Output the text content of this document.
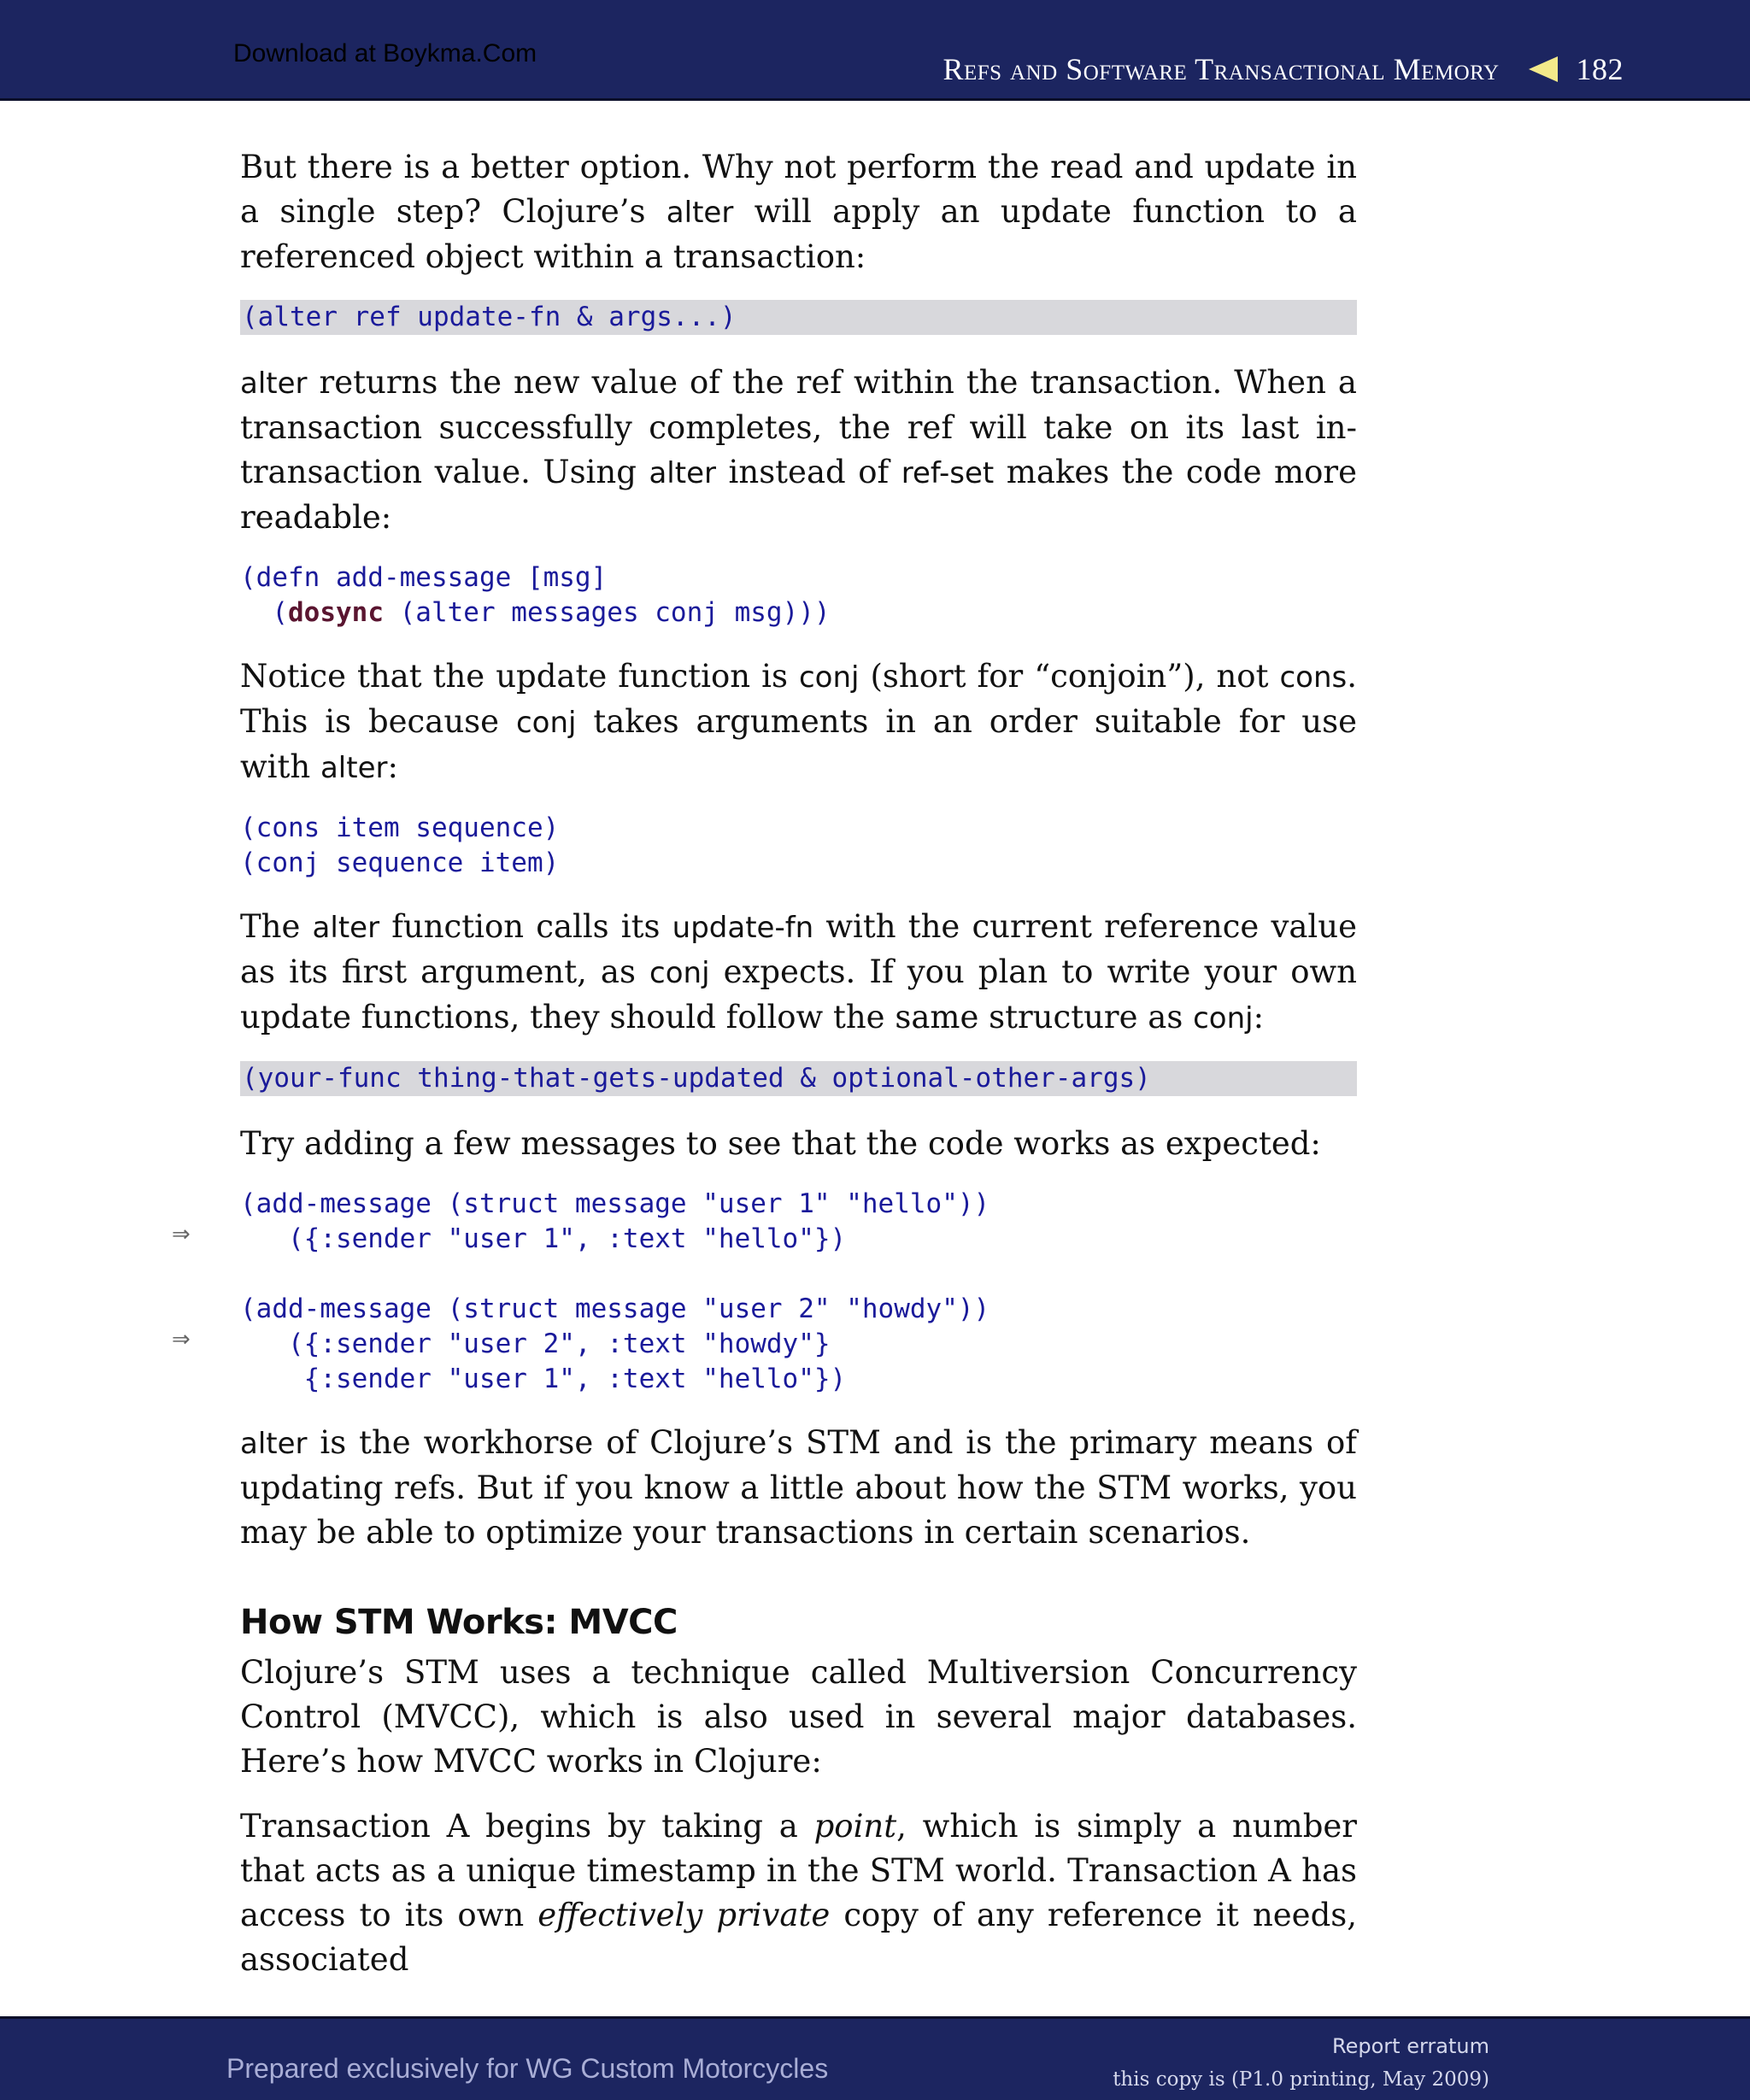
Download at Boykma.Com	Refs and Software Transactional Memory	182

But there is a better option. Why not perform the read and update in a single step? Clojure’s alter will apply an update function to a referenced object within a transaction:

(alter ref update-fn & args...)

alter returns the new value of the ref within the transaction. When a transaction successfully completes, the ref will take on its last in-transaction value. Using alter instead of ref-set makes the code more readable:

(defn add-message [msg]
(dosync (alter messages conj msg)))

Notice that the update function is conj (short for “conjoin”), not cons. This is because conj takes arguments in an order suitable for use with alter:

(cons item sequence)
(conj sequence item)

The alter function calls its update-fn with the current reference value as its first argument, as conj expects. If you plan to write your own update functions, they should follow the same structure as conj:

(your-func thing-that-gets-updated & optional-other-args)

Try adding a few messages to see that the code works as expected:

(add-message (struct message "user 1" "hello"))
⇒ ({:sender "user 1", :text "hello"})
(add-message (struct message "user 2" "howdy"))
⇒ ({:sender "user 2", :text "howdy"}
{:sender "user 1", :text "hello"})

alter is the workhorse of Clojure’s STM and is the primary means of updating refs. But if you know a little about how the STM works, you may be able to optimize your transactions in certain scenarios.

How STM Works: MVCC

Clojure’s STM uses a technique called Multiversion Concurrency Control (MVCC), which is also used in several major databases. Here’s how MVCC works in Clojure:

Transaction A begins by taking a point, which is simply a number that acts as a unique timestamp in the STM world. Transaction A has access to its own effectively private copy of any reference it needs, associated

Prepared exclusively for WG Custom Motorcycles
Report erratum
this copy is (P1.0 printing, May 2009)
